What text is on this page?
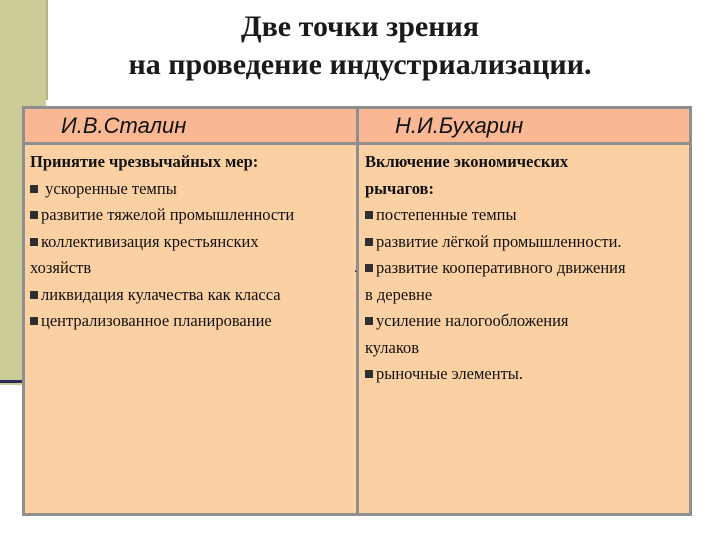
Две точки зрения
на проведение индустриализации.
И.В.Сталин	Н.И.Бухарин
Принятие чрезвычайных мер:
ускоренные темпы
развитие тяжелой промышленности
коллективизация крестьянских
хозяйств
ликвидация кулачества как класса
централизованное планирование
.
Включение экономических
рычагов:
постепенные темпы
развитие лёгкой промышленности.
развитие кооперативного движения
в деревне
усиление налогообложения
кулаков
рыночные элементы.
